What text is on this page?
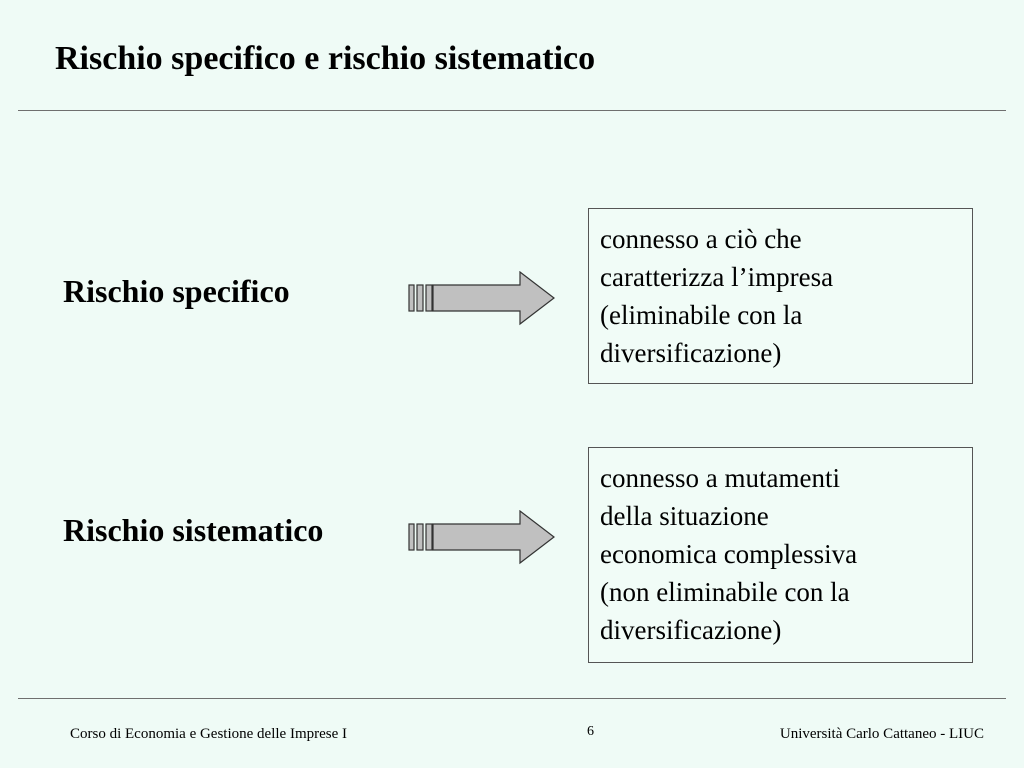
Rischio specifico e rischio sistematico
Rischio specifico
connesso a ciò che
caratterizza l’impresa
(eliminabile con la
diversificazione)
Rischio sistematico
connesso a mutamenti
della situazione
economica complessiva
(non eliminabile con la
diversificazione)
Corso di Economia e Gestione delle Imprese I	6	Università Carlo Cattaneo - LIUC
